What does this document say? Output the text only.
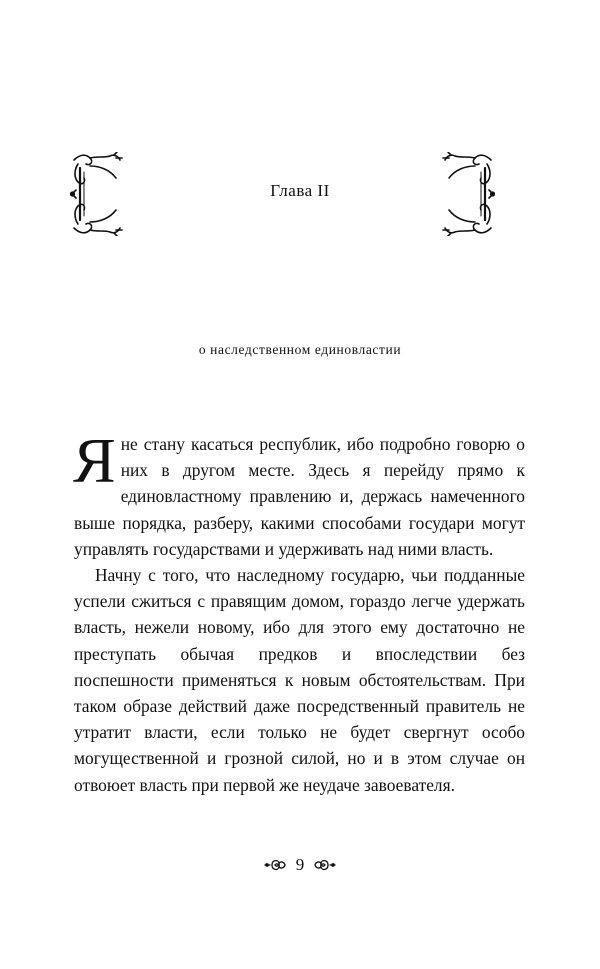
Глава II
о наследственном единовластии

Я не стану касаться республик, ибо подробно говорю о них в другом месте. Здесь я перейду прямо к единовластному правлению и, держась намеченного выше порядка, разберу, какими способами государи могут управлять государствами и удерживать над ними власть.

Начну с того, что наследному государю, чьи подданные успели сжиться с правящим домом, гораздо легче удержать власть, нежели новому, ибо для этого ему достаточно не преступать обычая предков и впоследствии без поспешности применяться к новым обстоятельствам. При таком образе действий даже посредственный правитель не утратит власти, если только не будет свергнут особо могущественной и грозной силой, но и в этом случае он отвоюет власть при первой же неудаче завоевателя.

9
